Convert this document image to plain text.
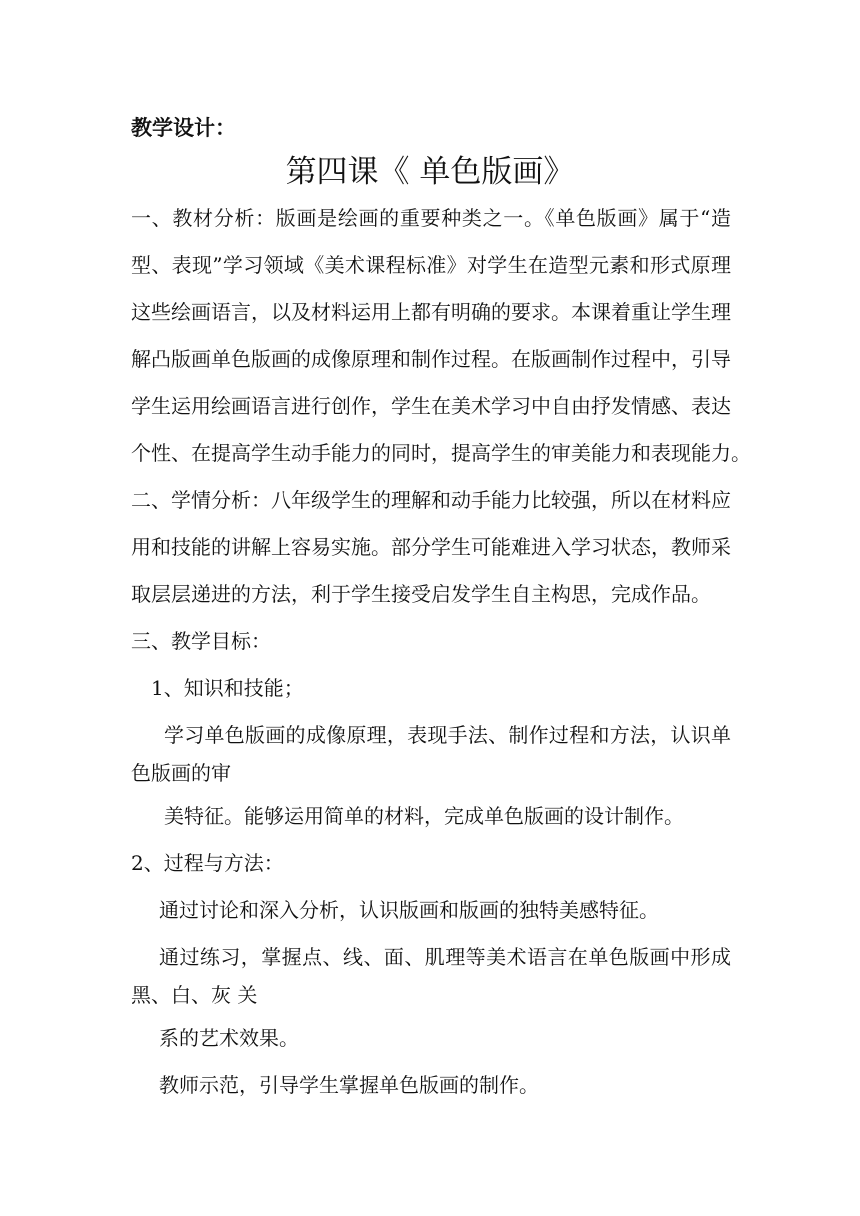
教学设计：
第四课《 单色版画》
一、教材分析：版画是绘画的重要种类之一。《单色版画》属于“造
型、表现”学习领域《美术课程标准》对学生在造型元素和形式原理
这些绘画语言，以及材料运用上都有明确的要求。本课着重让学生理
解凸版画单色版画的成像原理和制作过程。在版画制作过程中，引导
学生运用绘画语言进行创作，学生在美术学习中自由抒发情感、表达
个性、在提高学生动手能力的同时，提高学生的审美能力和表现能力。
二、学情分析：八年级学生的理解和动手能力比较强，所以在材料应
用和技能的讲解上容易实施。部分学生可能难进入学习状态，教师采
取层层递进的方法，利于学生接受启发学生自主构思，完成作品。
三、教学目标：
1、知识和技能；
学习单色版画的成像原理，表现手法、制作过程和方法，认识单
色版画的审
美特征。能够运用简单的材料，完成单色版画的设计制作。
2、过程与方法：
通过讨论和深入分析，认识版画和版画的独特美感特征。
通过练习，掌握点、线、面、肌理等美术语言在单色版画中形成
黑、白、灰 关
系的艺术效果。
教师示范，引导学生掌握单色版画的制作。
